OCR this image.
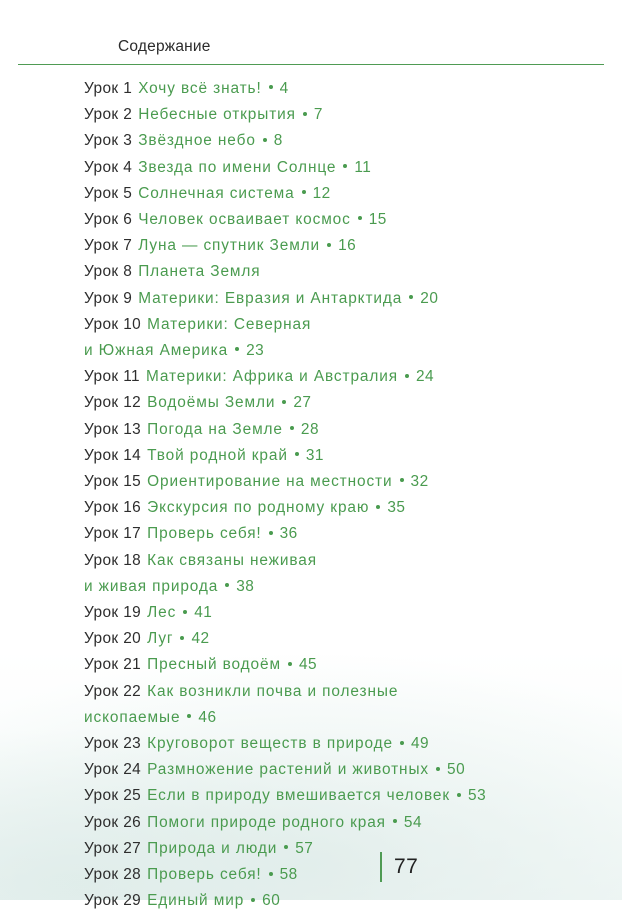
Содержание
Урок 1 Хочу всё знать! 4
Урок 2 Небесные открытия 7
Урок 3 Звёздное небо 8
Урок 4 Звезда по имени Солнце 11
Урок 5 Солнечная система 12
Урок 6 Человек осваивает космос 15
Урок 7 Луна — спутник Земли 16
Урок 8 Планета Земля
Урок 9 Материки: Евразия и Антарктида 20
Урок 10 Материки: Северная
и Южная Америка 23
Урок 11 Материки: Африка и Австралия 24
Урок 12 Водоёмы Земли 27
Урок 13 Погода на Земле 28
Урок 14 Твой родной край 31
Урок 15 Ориентирование на местности 32
Урок 16 Экскурсия по родному краю 35
Урок 17 Проверь себя! 36
Урок 18 Как связаны неживая
и живая природа 38
Урок 19 Лес 41
Урок 20 Луг 42
Урок 21 Пресный водоём 45
Урок 22 Как возникли почва и полезные
ископаемые 46
Урок 23 Круговорот веществ в природе 49
Урок 24 Размножение растений и животных 50
Урок 25 Если в природу вмешивается человек 53
Урок 26 Помоги природе родного края 54
Урок 27 Природа и люди 57
Урок 28 Проверь себя! 58
Урок 29 Единый мир 60
77
